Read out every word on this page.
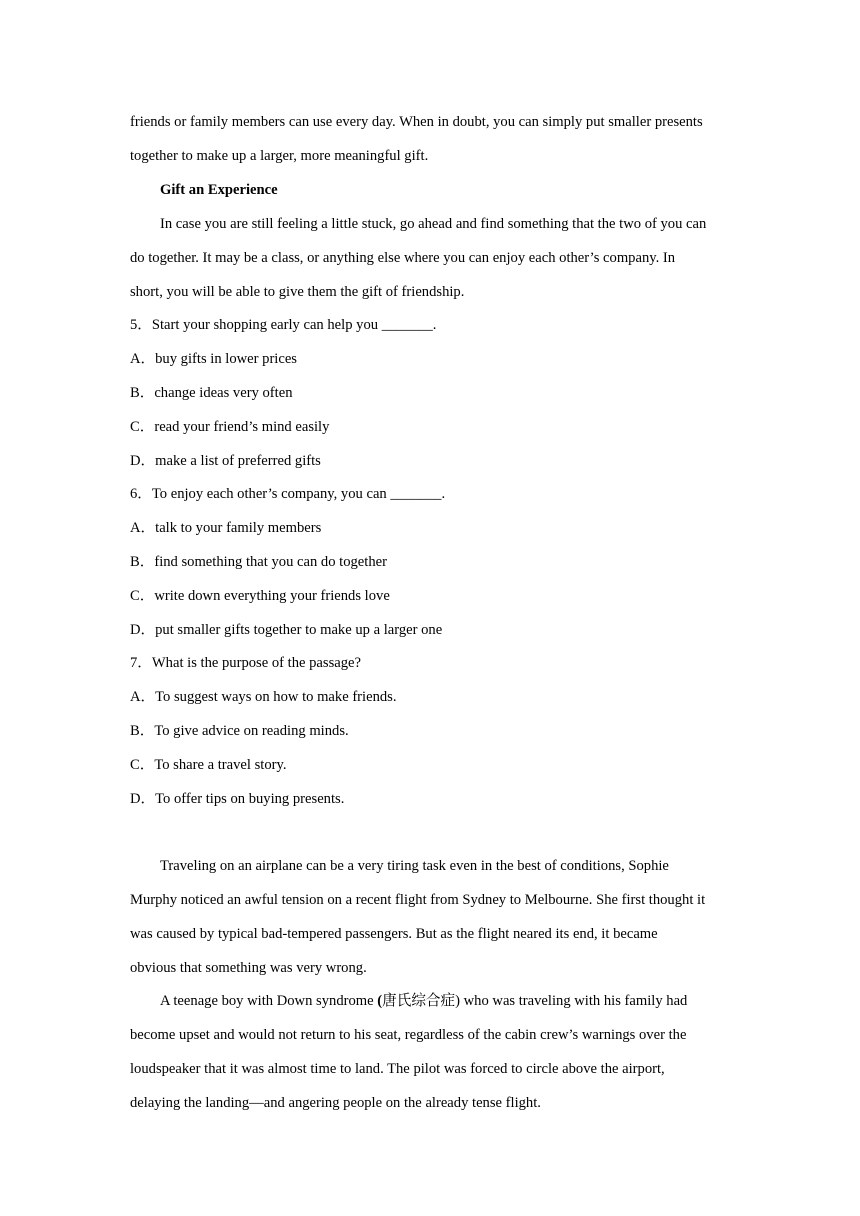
friends or family members can use every day. When in doubt, you can simply put smaller presents
together to make up a larger, more meaningful gift.
Gift an Experience
In case you are still feeling a little stuck, go ahead and find something that the two of you can
do together. It may be a class, or anything else where you can enjoy each other’s company. In
short, you will be able to give them the gift of friendship.
5．Start your shopping early can help you _______.
A．buy gifts in lower prices
B．change ideas very often
C．read your friend’s mind easily
D．make a list of preferred gifts
6．To enjoy each other’s company, you can _______.
A．talk to your family members
B．find something that you can do together
C．write down everything your friends love
D．put smaller gifts together to make up a larger one
7．What is the purpose of the passage?
A．To suggest ways on how to make friends.
B．To give advice on reading minds.
C．To share a travel story.
D．To offer tips on buying presents.
Traveling on an airplane can be a very tiring task even in the best of conditions, Sophie
Murphy noticed an awful tension on a recent flight from Sydney to Melbourne. She first thought it
was caused by typical bad-tempered passengers. But as the flight neared its end, it became
obvious that something was very wrong.
A teenage boy with Down syndrome (唐氏综合症) who was traveling with his family had
become upset and would not return to his seat, regardless of the cabin crew’s warnings over the
loudspeaker that it was almost time to land. The pilot was forced to circle above the airport,
delaying the landing—and angering people on the already tense flight.
